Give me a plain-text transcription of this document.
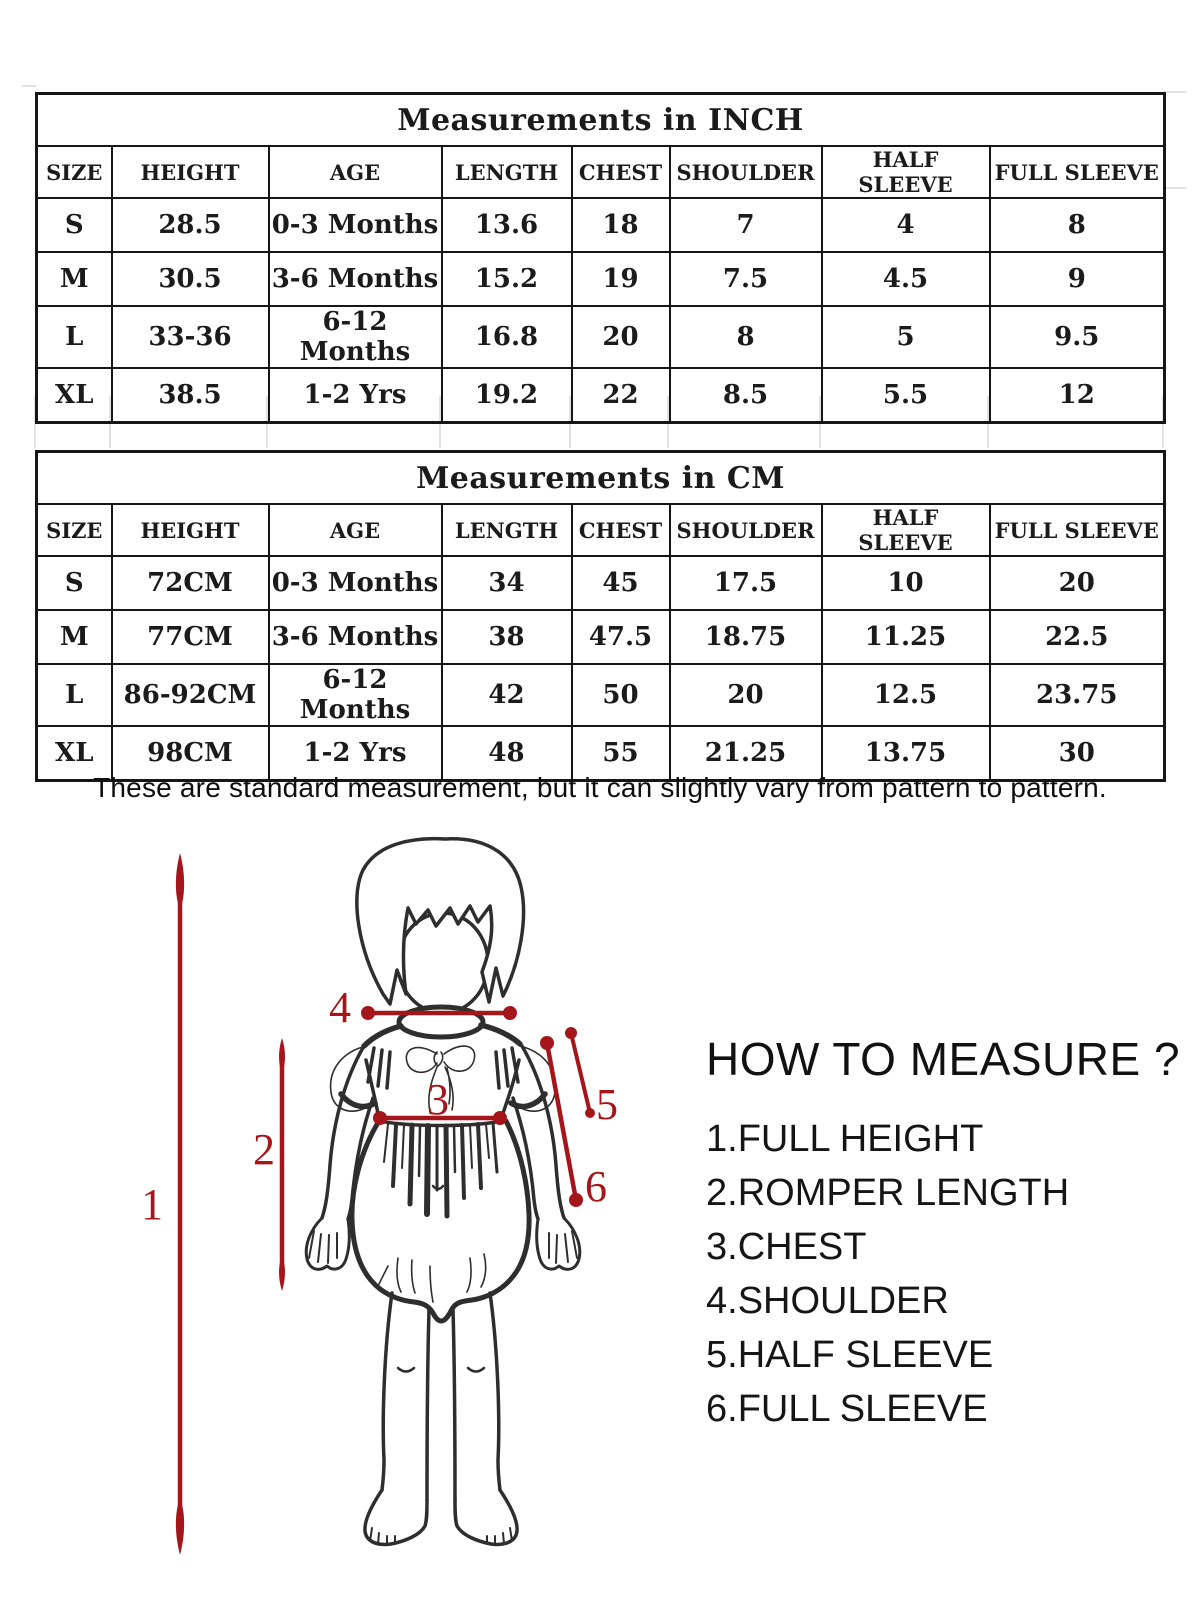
Measurements in INCH							
SIZE	HEIGHT	AGE	LENGTH	CHEST	SHOULDER	HALF SLEEVE	FULL SLEEVE
S	28.5	0-3 Months	13.6	18	7	4	8
M	30.5	3-6 Months	15.2	19	7.5	4.5	9
L	33-36	6-12 Months	16.8	20	8	5	9.5
XL	38.5	1-2 Yrs	19.2	22	8.5	5.5	12
Measurements in CM							
SIZE	HEIGHT	AGE	LENGTH	CHEST	SHOULDER	HALF SLEEVE	FULL SLEEVE
S	72CM	0-3 Months	34	45	17.5	10	20
M	77CM	3-6 Months	38	47.5	18.75	11.25	22.5
L	86-92CM	6-12 Months	42	50	20	12.5	23.75
XL	98CM	1-2 Yrs	48	55	21.25	13.75	30
These are standard measurement, but it can slightly vary from pattern to pattern.
1
2
3
4
5
6
HOW TO MEASURE ?
1.FULL HEIGHT
2.ROMPER LENGTH
3.CHEST
4.SHOULDER
5.HALF SLEEVE
6.FULL SLEEVE
